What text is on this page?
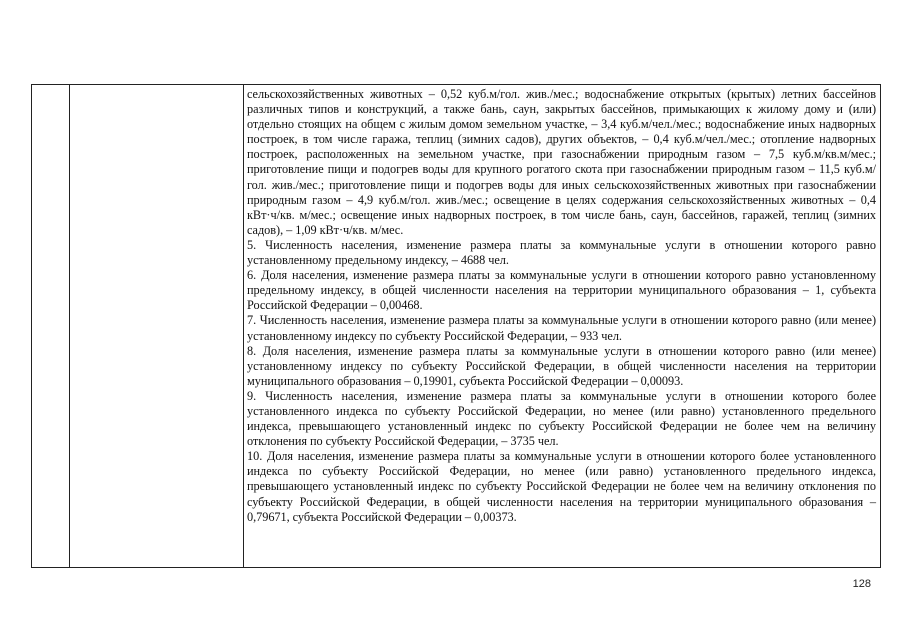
сельскохозяйственных животных – 0,52 куб.м/гол. жив./мес.; водоснабжение открытых (крытых) летних бассейнов различных типов и конструкций, а также бань, саун, закрытых бассейнов, примыкающих к жилому дому и (или) отдельно стоящих на общем с жилым домом земельном участке, – 3,4 куб.м/чел./мес.; водоснабжение иных надворных построек, в том числе гаража, теплиц (зимних садов), других объектов, – 0,4 куб.м/чел./мес.; отопление надворных построек, расположенных на земельном участке, при газоснабжении природным газом – 7,5 куб.м/кв.м/мес.; приготовление пищи и подогрев воды для крупного рогатого скота при газоснабжении природным газом – 11,5 куб.м/гол. жив./мес.; приготовление пищи и подогрев воды для иных сельскохозяйственных животных при газоснабжении природным газом – 4,9 куб.м/гол. жив./мес.; освещение в целях содержания сельскохозяйственных животных – 0,4 кВт·ч/кв. м/мес.; освещение иных надворных построек, в том числе бань, саун, бассейнов, гаражей, теплиц (зимних садов), – 1,09 кВт·ч/кв. м/мес.

5. Численность населения, изменение размера платы за коммунальные услуги в отношении которого равно установленному предельному индексу, – 4688 чел.

6. Доля населения, изменение размера платы за коммунальные услуги в отношении которого равно установленному предельному индексу, в общей численности населения на территории муниципального образования – 1, субъекта Российской Федерации – 0,00468.

7. Численность населения, изменение размера платы за коммунальные услуги в отношении которого равно (или менее) установленному индексу по субъекту Российской Федерации, – 933 чел.

8. Доля населения, изменение размера платы за коммунальные услуги в отношении которого равно (или менее) установленному индексу по субъекту Российской Федерации, в общей численности населения на территории муниципального образования – 0,19901, субъекта Российской Федерации – 0,00093.

9. Численность населения, изменение размера платы за коммунальные услуги в отношении которого более установленного индекса по субъекту Российской Федерации, но менее (или равно) установленного предельного индекса, превышающего установленный индекс по субъекту Российской Федерации не более чем на величину отклонения по субъекту Российской Федерации, – 3735 чел.

10. Доля населения, изменение размера платы за коммунальные услуги в отношении которого более установленного индекса по субъекту Российской Федерации, но менее (или равно) установленного предельного индекса, превышающего установленный индекс по субъекту Российской Федерации не более чем на величину отклонения по субъекту Российской Федерации, в общей численности населения на территории муниципального образования – 0,79671, субъекта Российской Федерации – 0,00373.

128
